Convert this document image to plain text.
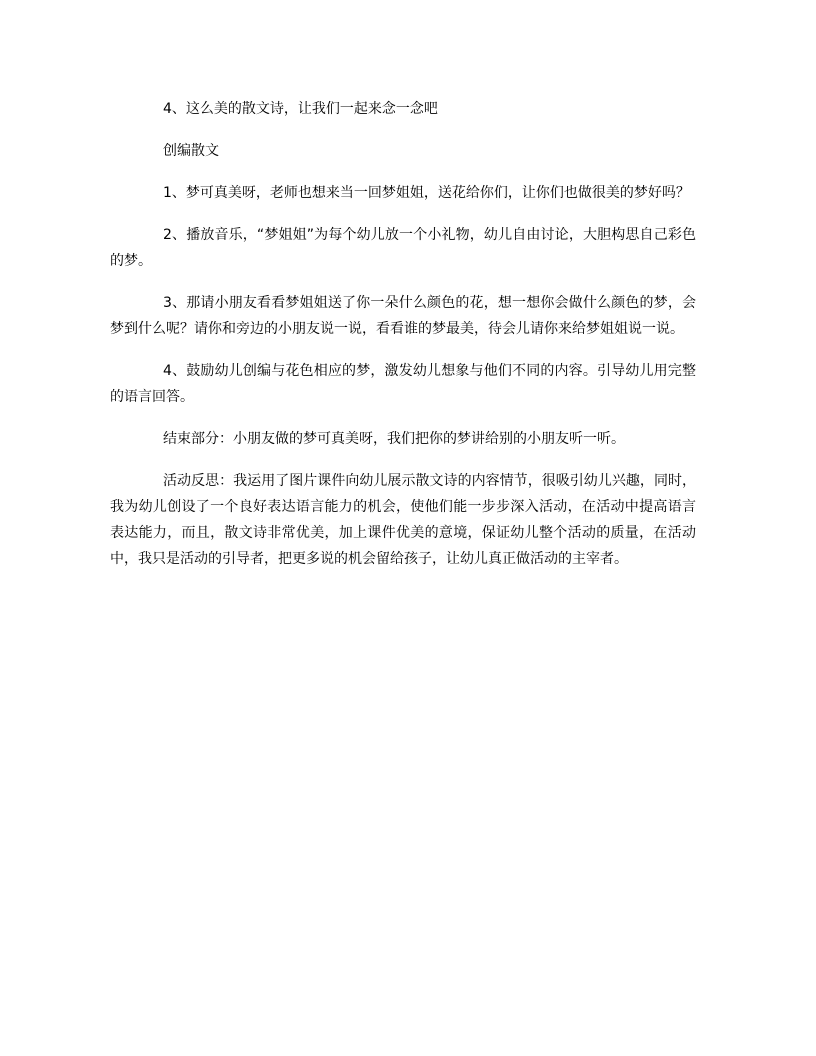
4、这么美的散文诗，让我们一起来念一念吧

创编散文

1、梦可真美呀，老师也想来当一回梦姐姐，送花给你们，让你们也做很美的梦好吗？

2、播放音乐，“梦姐姐”为每个幼儿放一个小礼物，幼儿自由讨论，大胆构思自己彩色的梦。

3、那请小朋友看看梦姐姐送了你一朵什么颜色的花，想一想你会做什么颜色的梦，会梦到什么呢？请你和旁边的小朋友说一说，看看谁的梦最美，待会儿请你来给梦姐姐说一说。

4、鼓励幼儿创编与花色相应的梦，激发幼儿想象与他们不同的内容。引导幼儿用完整的语言回答。

结束部分：小朋友做的梦可真美呀，我们把你的梦讲给别的小朋友听一听。

活动反思：我运用了图片课件向幼儿展示散文诗的内容情节，很吸引幼儿兴趣，同时，我为幼儿创设了一个良好表达语言能力的机会，使他们能一步步深入活动，在活动中提高语言表达能力，而且，散文诗非常优美，加上课件优美的意境，保证幼儿整个活动的质量，在活动中，我只是活动的引导者，把更多说的机会留给孩子，让幼儿真正做活动的主宰者。
